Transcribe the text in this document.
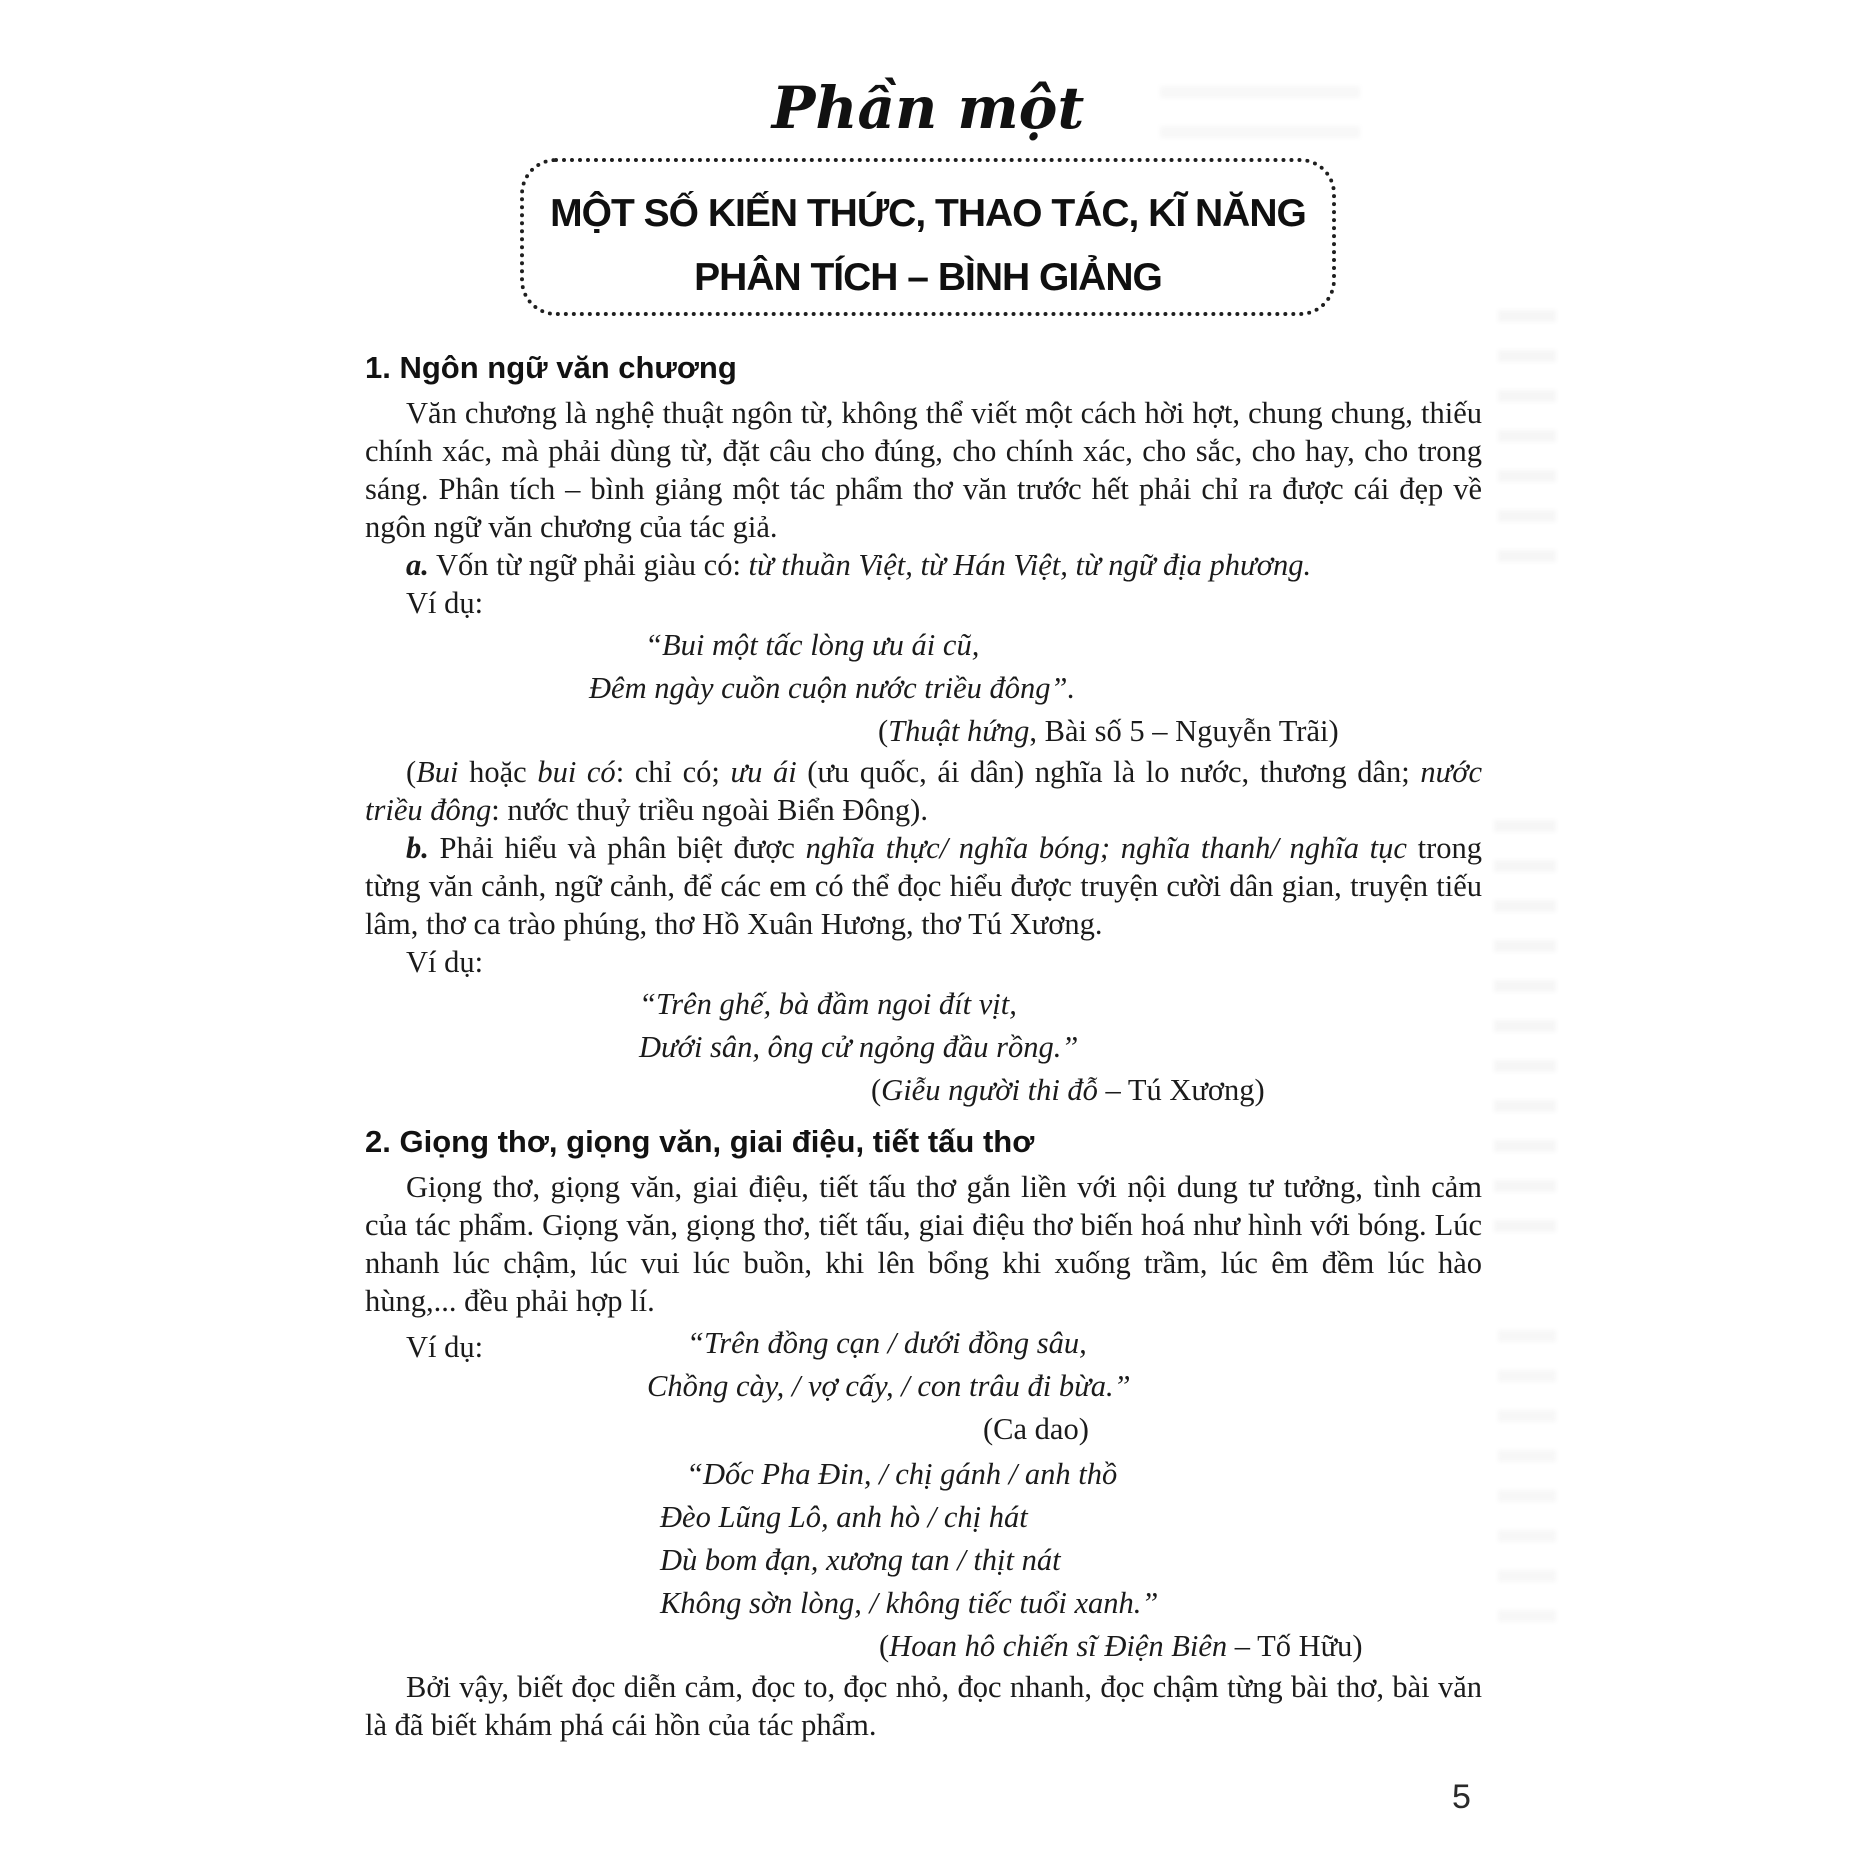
Phần một
MỘT SỐ KIẾN THỨC, THAO TÁC, KĨ NĂNG
PHÂN TÍCH – BÌNH GIẢNG
1. Ngôn ngữ văn chương

Văn chương là nghệ thuật ngôn từ, không thể viết một cách hời hợt, chung chung, thiếu chính xác, mà phải dùng từ, đặt câu cho đúng, cho chính xác, cho sắc, cho hay, cho trong sáng. Phân tích – bình giảng một tác phẩm thơ văn trước hết phải chỉ ra được cái đẹp về ngôn ngữ văn chương của tác giả.

a. Vốn từ ngữ phải giàu có: từ thuần Việt, từ Hán Việt, từ ngữ địa phương.

Ví dụ:

“Bui một tấc lòng ưu ái cũ,
Đêm ngày cuồn cuộn nước triều đông”.
(Thuật hứng, Bài số 5 – Nguyễn Trãi)

(Bui hoặc bui có: chỉ có; ưu ái (ưu quốc, ái dân) nghĩa là lo nước, thương dân; nước triều đông: nước thuỷ triều ngoài Biển Đông).

b. Phải hiểu và phân biệt được nghĩa thực/ nghĩa bóng; nghĩa thanh/ nghĩa tục trong từng văn cảnh, ngữ cảnh, để các em có thể đọc hiểu được truyện cười dân gian, truyện tiếu lâm, thơ ca trào phúng, thơ Hồ Xuân Hương, thơ Tú Xương.

Ví dụ:

“Trên ghế, bà đầm ngoi đít vịt,
Dưới sân, ông cử ngỏng đầu rồng.”
(Giễu người thi đỗ – Tú Xương)
2. Giọng thơ, giọng văn, giai điệu, tiết tấu thơ

Giọng thơ, giọng văn, giai điệu, tiết tấu thơ gắn liền với nội dung tư tưởng, tình cảm của tác phẩm. Giọng văn, giọng thơ, tiết tấu, giai điệu thơ biến hoá như hình với bóng. Lúc nhanh lúc chậm, lúc vui lúc buồn, khi lên bổng khi xuống trầm, lúc êm đềm lúc hào hùng,... đều phải hợp lí.

Ví dụ:	“Trên đồng cạn / dưới đồng sâu,
Chồng cày, / vợ cấy, / con trâu đi bừa.”
(Ca dao)
“Dốc Pha Đin, / chị gánh / anh thồ
Đèo Lũng Lô, anh hò / chị hát
Dù bom đạn, xương tan / thịt nát
Không sờn lòng, / không tiếc tuổi xanh.”
(Hoan hô chiến sĩ Điện Biên – Tố Hữu)

Bởi vậy, biết đọc diễn cảm, đọc to, đọc nhỏ, đọc nhanh, đọc chậm từng bài thơ, bài văn là đã biết khám phá cái hồn của tác phẩm.

5
